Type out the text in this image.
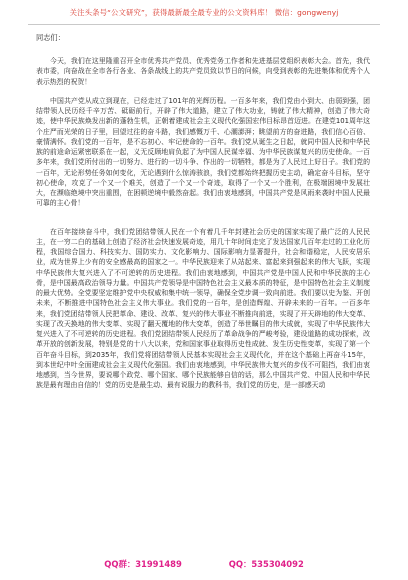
关注头条号“公文研究”，获得最新最全最专业的公文资料库！ 微信：gongwenyj

同志们：

今天，我们在这里隆重召开全市优秀共产党员、优秀党务工作者和先进基层党组织表彰大会。首先，我代表市委，向奋战在全市各行各业、各条战线上的共产党员致以节日的问候，向受到表彰的先进集体和优秀个人表示热烈的祝贺！

中国共产党从成立到现在，已经走过了101年的光辉历程。一百多年来，我们党由小到大、由弱到强，团结带领人民历经千辛万苦、砥砺前行，开辟了伟大道路，建立了伟大功业，铸就了伟大精神，创造了伟大奇迹，使中华民族焕发出新的蓬勃生机，正朝着建成社会主义现代化强国宏伟目标昂首迈进。在建党101周年这个庄严而光荣的日子里，回望过往的奋斗路，我们感慨万千、心潮澎湃；眺望前方的奋进路，我们信心百倍、豪情满怀。我们党的一百年，是不忘初心、牢记使命的一百年。我们党从诞生之日起，就同中国人民和中华民族的前途命运紧密联系在一起，义无反顾地肩负起了为中国人民谋幸福、为中华民族谋复兴的历史使命。一百多年来，我们党所付出的一切努力、进行的一切斗争、作出的一切牺牲，都是为了人民过上好日子。我们党的一百年，无论形势任务如何变化，无论遇到什么惊涛骇浪，我们党都始终把握历史主动，确定奋斗目标，坚守初心使命，攻克了一个又一个难关，创造了一个又一个奇迹，取得了一个又一个胜利，在极端困境中发展壮大，在濒临绝境中突出重围，在困顿逆境中毅然奋起。我们由衷地感到，中国共产党是风雨来袭时中国人民最可靠的主心骨！

在百年接续奋斗中，我们党团结带领人民在一个有着几千年封建社会历史的国家实现了最广泛的人民民主，在一穷二白的基础上创造了经济社会快速发展奇迹，用几十年时间走完了发达国家几百年走过的工业化历程，我国综合国力、科技实力、国防实力、文化影响力、国际影响力显著提升，社会和谐稳定，人民安居乐业，成为世界上少有的安全感最高的国家之一。中华民族迎来了从站起来、富起来到强起来的伟大飞跃，实现中华民族伟大复兴进入了不可逆转的历史进程。我们由衷地感到，中国共产党是中国人民和中华民族的主心骨，是中国最高政治领导力量。中国共产党领导是中国特色社会主义最本质的特征，是中国特色社会主义制度的最大优势。全党要坚定维护党中央权威和集中统一领导，确保全党步调一致向前进。我们要以史为鉴、开创未来，不断推进中国特色社会主义伟大事业。我们党的一百年，是创造辉煌、开辟未来的一百年。一百多年来，我们党团结带领人民把革命、建设、改革、复兴的伟大事业不断推向前进，实现了开天辟地的伟大变革、实现了改天换地的伟大变革、实现了翻天覆地的伟大变革，创造了举世瞩目的伟大成就，实现了中华民族伟大复兴进入了不可逆转的历史进程。我们党团结带领人民经历了革命战争的严峻考验，建设道路的成功探索，改革开放的创新发展，特别是党的十八大以来，党和国家事业取得历史性成就、发生历史性变革，实现了第一个百年奋斗目标，到2035年，我们党将团结带领人民基本实现社会主义现代化，并在这个基础上再奋斗15年，到本世纪中叶全面建成社会主义现代化强国。我们由衷地感到，中华民族伟大复兴的步伐不可阻挡，我们由衷地感到，当今世界，要说哪个政党、哪个国家、哪个民族能够自信的话，那么中国共产党、中国人民和中华民族是最有理由自信的！党的历史是最生动、最有说服力的教科书，我们党的历史，是一部感天动

QQ群：31991489	QQ：535304092
